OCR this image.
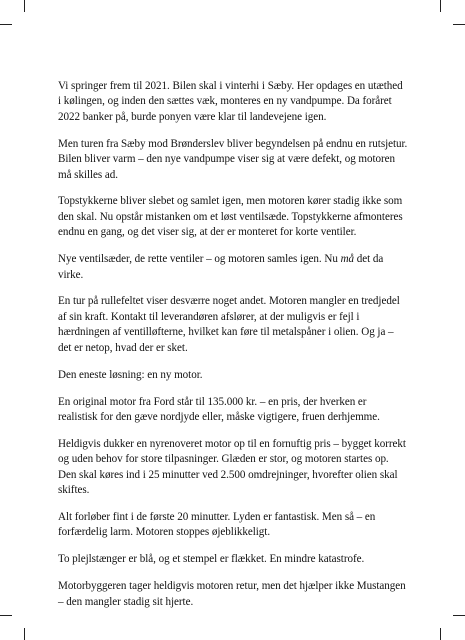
Vi springer frem til 2021. Bilen skal i vinterhi i Sæby. Her opdages en utæthed i kølingen, og inden den sættes væk, monteres en ny vandpumpe. Da foråret 2022 banker på, burde ponyen være klar til landevejene igen.

Men turen fra Sæby mod Brønderslev bliver begyndelsen på endnu en rutsjetur. Bilen bliver varm – den nye vandpumpe viser sig at være defekt, og motoren må skilles ad.

Topstykkerne bliver slebet og samlet igen, men motoren kører stadig ikke som den skal. Nu opstår mistanken om et løst ventilsæde. Topstykkerne afmonteres endnu en gang, og det viser sig, at der er monteret for korte ventiler.

Nye ventilsæder, de rette ventiler – og motoren samles igen. Nu må det da virke.

En tur på rullefeltet viser desværre noget andet. Motoren mangler en tredjedel af sin kraft. Kontakt til leverandøren afslører, at der muligvis er fejl i hærdningen af ventilløfterne, hvilket kan føre til metalspåner i olien. Og ja – det er netop, hvad der er sket.

Den eneste løsning: en ny motor.

En original motor fra Ford står til 135.000 kr. – en pris, der hverken er realistisk for den gæve nordjyde eller, måske vigtigere, fruen derhjemme.

Heldigvis dukker en nyrenoveret motor op til en fornuftig pris – bygget korrekt og uden behov for store tilpasninger. Glæden er stor, og motoren startes op. Den skal køres ind i 25 minutter ved 2.500 omdrejninger, hvorefter olien skal skiftes.

Alt forløber fint i de første 20 minutter. Lyden er fantastisk. Men så – en forfærdelig larm. Motoren stoppes øjeblikkeligt.

To plejlstænger er blå, og et stempel er flækket. En mindre katastrofe.

Motorbyggeren tager heldigvis motoren retur, men det hjælper ikke Mustangen – den mangler stadig sit hjerte.
